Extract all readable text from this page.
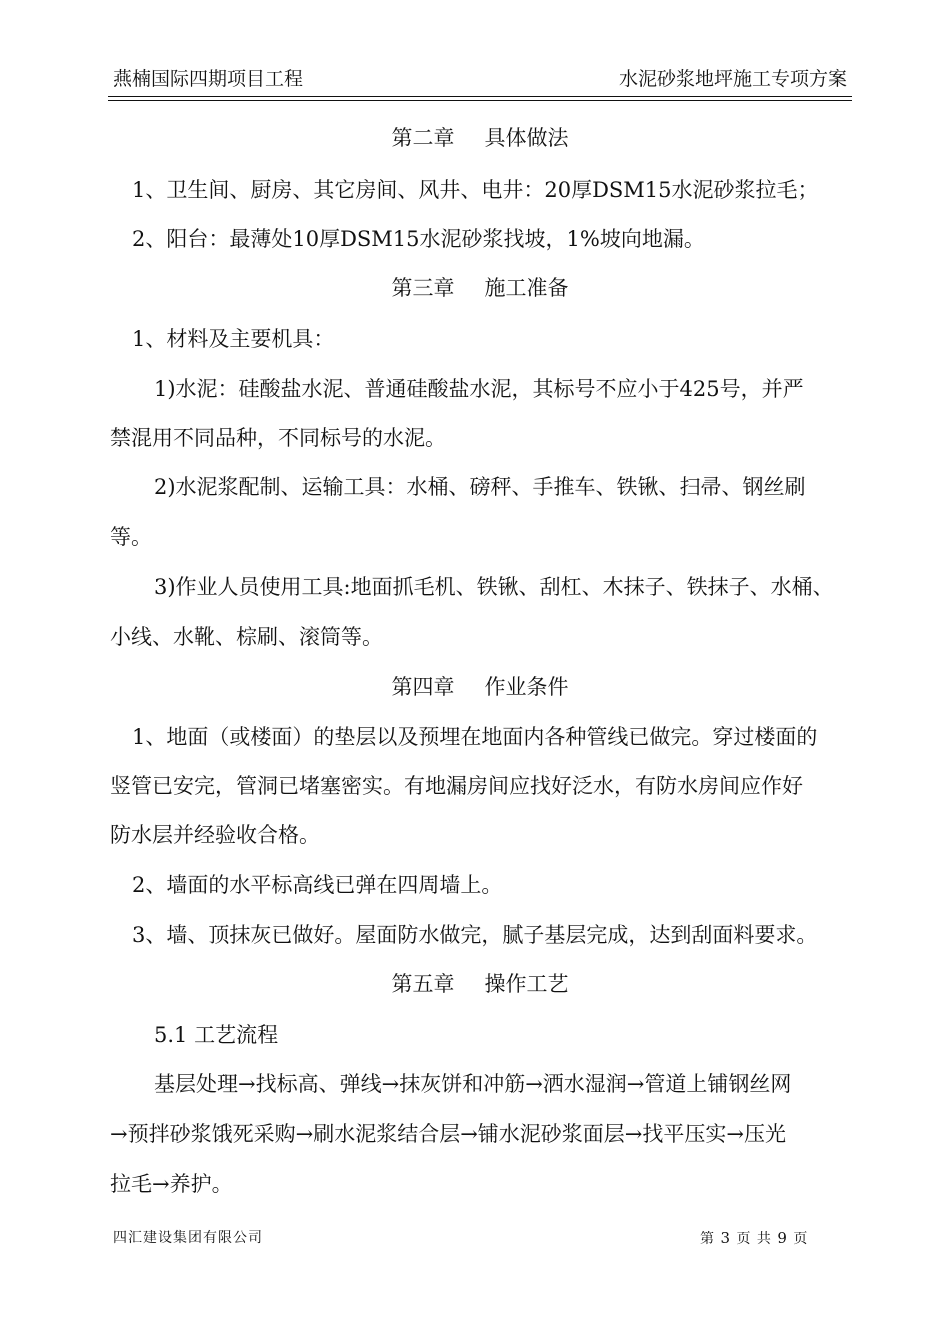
燕楠国际四期项目工程	水泥砂浆地坪施工专项方案
第二章 具体做法
1、卫生间、厨房、其它房间、风井、电井：20厚DSM15水泥砂浆拉毛；
2、阳台：最薄处10厚DSM15水泥砂浆找坡，1%坡向地漏。
第三章 施工准备
1、材料及主要机具：
1)水泥：硅酸盐水泥、普通硅酸盐水泥，其标号不应小于425号，并严
禁混用不同品种，不同标号的水泥。
2)水泥浆配制、运输工具：水桶、磅秤、手推车、铁锹、扫帚、钢丝刷
等。
3)作业人员使用工具:地面抓毛机、铁锹、刮杠、木抹子、铁抹子、水桶、
小线、水靴、棕刷、滚筒等。
第四章 作业条件
1、地面（或楼面）的垫层以及预埋在地面内各种管线已做完。穿过楼面的
竖管已安完，管洞已堵塞密实。有地漏房间应找好泛水，有防水房间应作好
防水层并经验收合格。
2、墙面的水平标高线已弹在四周墙上。
3、墙、顶抹灰已做好。屋面防水做完，腻子基层完成，达到刮面料要求。
第五章 操作工艺
5.1 工艺流程
基层处理→找标高、弹线→抹灰饼和冲筋→洒水湿润→管道上铺钢丝网
→预拌砂浆饿死采购→刷水泥浆结合层→铺水泥砂浆面层→找平压实→压光
拉毛→养护。
四汇建设集团有限公司	第 3 页 共 9 页
